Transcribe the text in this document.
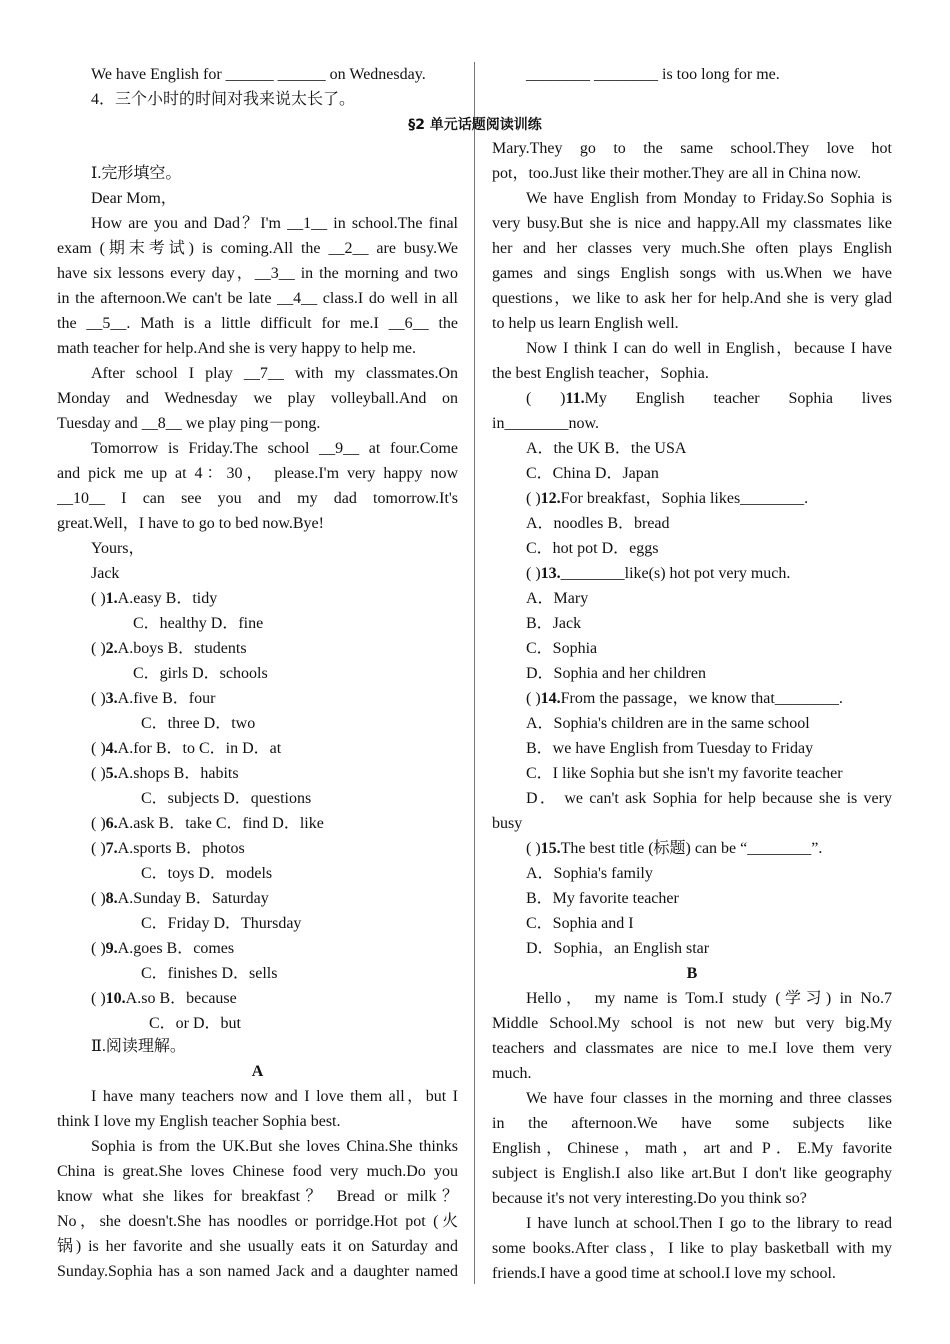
§2 单元话题阅读训练
We have English for ______ ______ on Wednesday.
4．三个小时的时间对我来说太长了。
Ⅰ.完形填空。
Dear Mom，
How are you and Dad？I'm __1__ in school.The final
exam (期末考试) is coming.All the __2__ are busy.We
have six lessons every day，__3__ in the morning and two
in the afternoon.We can't be late __4__ class.I do well in all
the __5__. Math is a little difficult for me.I __6__ the
math teacher for help.And she is very happy to help me.
After school I play __7__ with my classmates.On
Monday and Wednesday we play volleyball.And on
Tuesday and __8__ we play ping－pong.
Tomorrow is Friday.The school __9__ at four.Come
and pick me up at 4：30， please.I'm very happy now
__10__ I can see you and my dad tomorrow.It's
great.Well，I have to go to bed now.Bye!
Yours，
Jack
( )1.A.easy B．tidy
C．healthy D．fine
( )2.A.boys B．students
C．girls D．schools
( )3.A.five B．four
C．three D．two
( )4.A.for B．to C．in D．at
( )5.A.shops B．habits
C．subjects D．questions
( )6.A.ask B．take C．find D．like
( )7.A.sports B．photos
C．toys D．models
( )8.A.Sunday B．Saturday
C．Friday D．Thursday
( )9.A.goes B．comes
C．finishes D．sells
( )10.A.so B．because
C．or D．but
Ⅱ.阅读理解。
A
I have many teachers now and I love them all，but I
think I love my English teacher Sophia best.
Sophia is from the UK.But she loves China.She thinks
China is great.She loves Chinese food very much.Do you
know what she likes for breakfast？ Bread or milk？
No，she doesn't.She has noodles or porridge.Hot pot (火
锅) is her favorite and she usually eats it on Saturday and
Sunday.Sophia has a son named Jack and a daughter named
________ ________ is too long for me.
Mary.They go to the same school.They love hot
pot，too.Just like their mother.They are all in China now.
We have English from Monday to Friday.So Sophia is
very busy.But she is nice and happy.All my classmates like
her and her classes very much.She often plays English
games and sings English songs with us.When we have
questions，we like to ask her for help.And she is very glad
to help us learn English well.
Now I think I can do well in English，because I have
the best English teacher，Sophia.
( )11.My English teacher Sophia lives
in________now.
A．the UK B．the USA
C．China D．Japan
( )12.For breakfast，Sophia likes________.
A．noodles B．bread
C．hot pot D．eggs
( )13.________like(s) hot pot very much.
A．Mary
B．Jack
C．Sophia
D．Sophia and her children
( )14.From the passage，we know that________.
A．Sophia's children are in the same school
B．we have English from Tuesday to Friday
C．I like Sophia but she isn't my favorite teacher
D． we can't ask Sophia for help because she is very
busy
( )15.The best title (标题) can be “________”.
A．Sophia's family
B．My favorite teacher
C．Sophia and I
D．Sophia，an English star
B
Hello， my name is Tom.I study (学习) in No.7
Middle School.My school is not new but very big.My
teachers and classmates are nice to me.I love them very
much.
We have four classes in the morning and three classes
in the afternoon.We have some subjects like
English，Chinese，math，art and P．E.My favorite
subject is English.I also like art.But I don't like geography
because it's not very interesting.Do you think so?
I have lunch at school.Then I go to the library to read
some books.After class，I like to play basketball with my
friends.I have a good time at school.I love my school.
